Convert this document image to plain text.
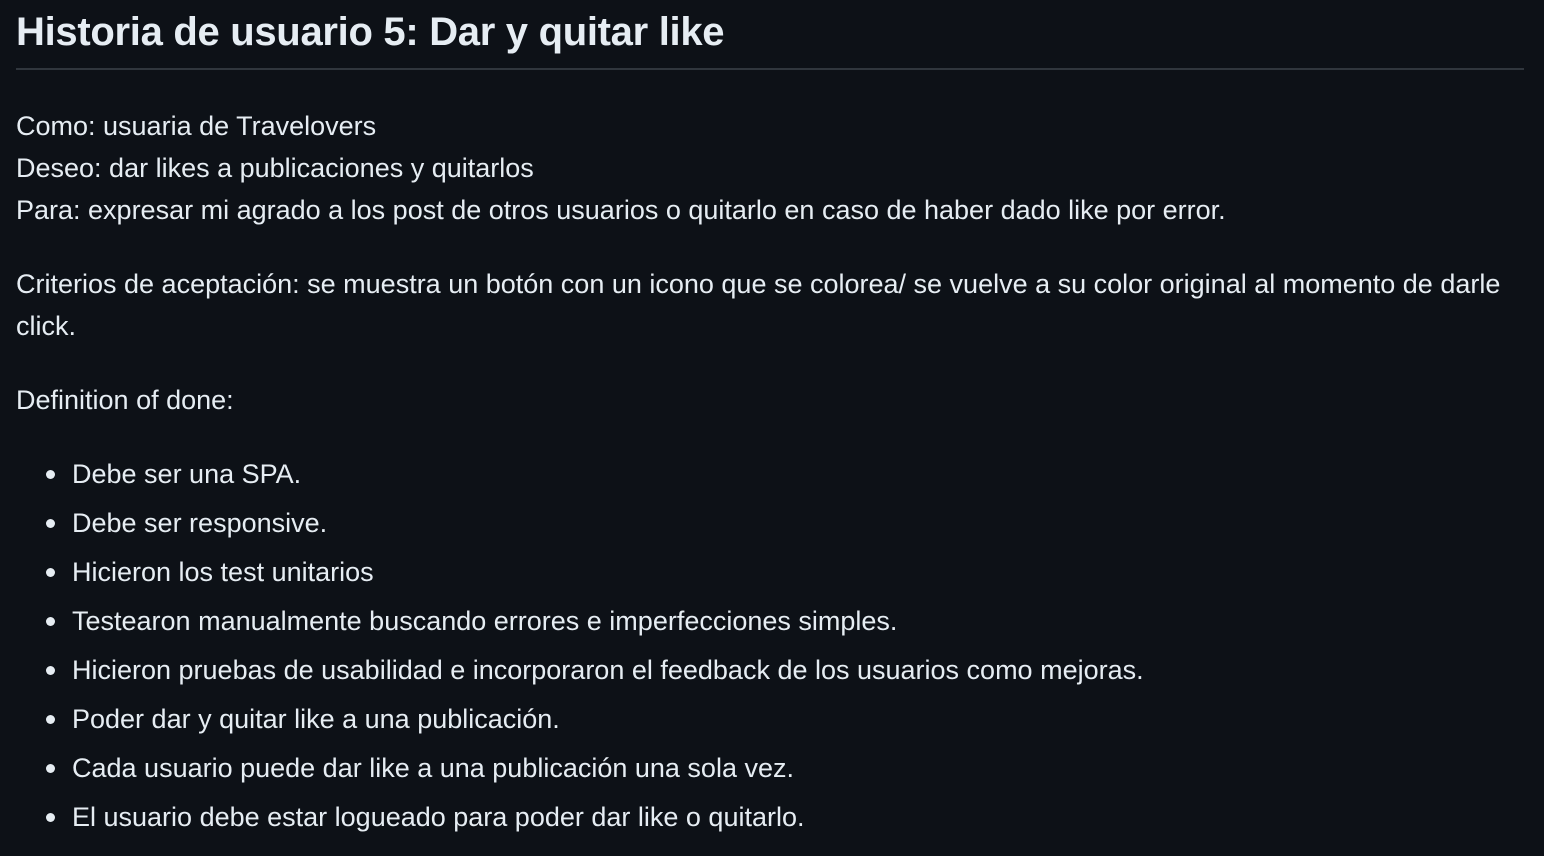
Historia de usuario 5: Dar y quitar like
Como: usuaria de Travelovers
Deseo: dar likes a publicaciones y quitarlos
Para: expresar mi agrado a los post de otros usuarios o quitarlo en caso de haber dado like por error.

Criterios de aceptación: se muestra un botón con un icono que se colorea/ se vuelve a su color original al momento de darle click.

Definition of done:

Debe ser una SPA.
Debe ser responsive.
Hicieron los test unitarios
Testearon manualmente buscando errores e imperfecciones simples.
Hicieron pruebas de usabilidad e incorporaron el feedback de los usuarios como mejoras.
Poder dar y quitar like a una publicación.
Cada usuario puede dar like a una publicación una sola vez.
El usuario debe estar logueado para poder dar like o quitarlo.
